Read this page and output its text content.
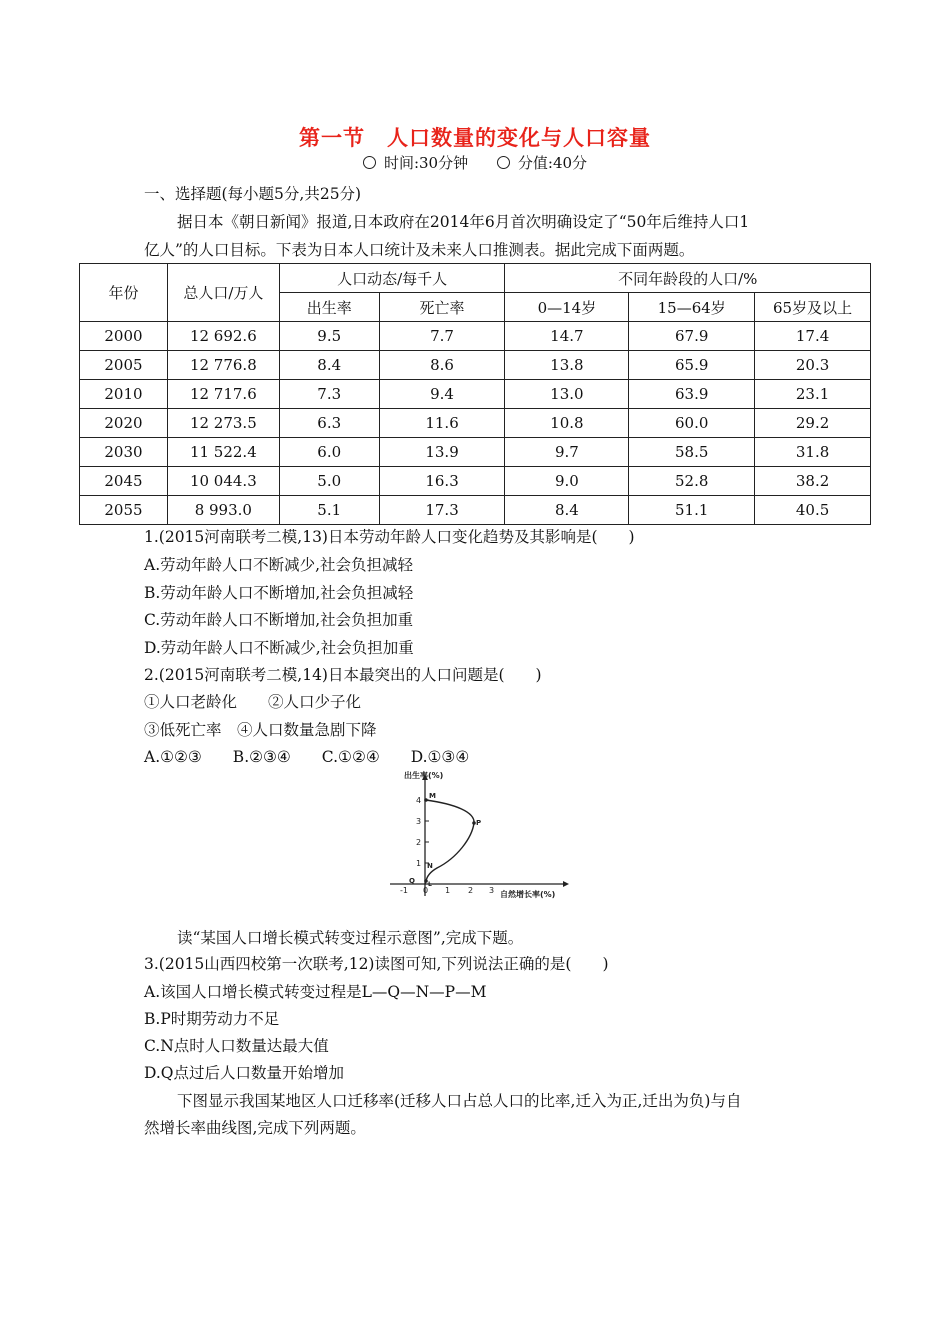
第一节　人口数量的变化与人口容量
时间:30分钟	分值:40分
一、选择题(每小题5分,共25分)
据日本《朝日新闻》报道,日本政府在2014年6月首次明确设定了“50年后维持人口1
亿人”的人口目标。下表为日本人口统计及未来人口推测表。据此完成下面两题。
年份	总人口/万人	人口动态/每千人		不同年龄段的人口/%		
		出生率	死亡率	0—14岁	15—64岁	65岁及以上
2000	12 692.6	9.5	7.7	14.7	67.9	17.4
2005	12 776.8	8.4	8.6	13.8	65.9	20.3
2010	12 717.6	7.3	9.4	13.0	63.9	23.1
2020	12 273.5	6.3	11.6	10.8	60.0	29.2
2030	11 522.4	6.0	13.9	9.7	58.5	31.8
2045	10 044.3	5.0	16.3	9.0	52.8	38.2
2055	8 993.0	5.1	17.3	8.4	51.1	40.5
1.(2015河南联考二模,13)日本劳动年龄人口变化趋势及其影响是(　　)
A.劳动年龄人口不断减少,社会负担减轻
B.劳动年龄人口不断增加,社会负担减轻
C.劳动年龄人口不断增加,社会负担加重
D.劳动年龄人口不断减少,社会负担加重
2.(2015河南联考二模,14)日本最突出的人口问题是(　　)
①人口老龄化　　②人口少子化
③低死亡率　④人口数量急剧下降
A.①②③　　B.②③④　　C.①②④　　D.①③④
出生率(%)
自然增长率(%)
1
2
3
4
-1 0 1 2 3
M
P
N
Q L
读“某国人口增长模式转变过程示意图”,完成下题。
3.(2015山西四校第一次联考,12)读图可知,下列说法正确的是(　　)
A.该国人口增长模式转变过程是L—Q—N—P—M
B.P时期劳动力不足
C.N点时人口数量达最大值
D.Q点过后人口数量开始增加
下图显示我国某地区人口迁移率(迁移人口占总人口的比率,迁入为正,迁出为负)与自
然增长率曲线图,完成下列两题。
